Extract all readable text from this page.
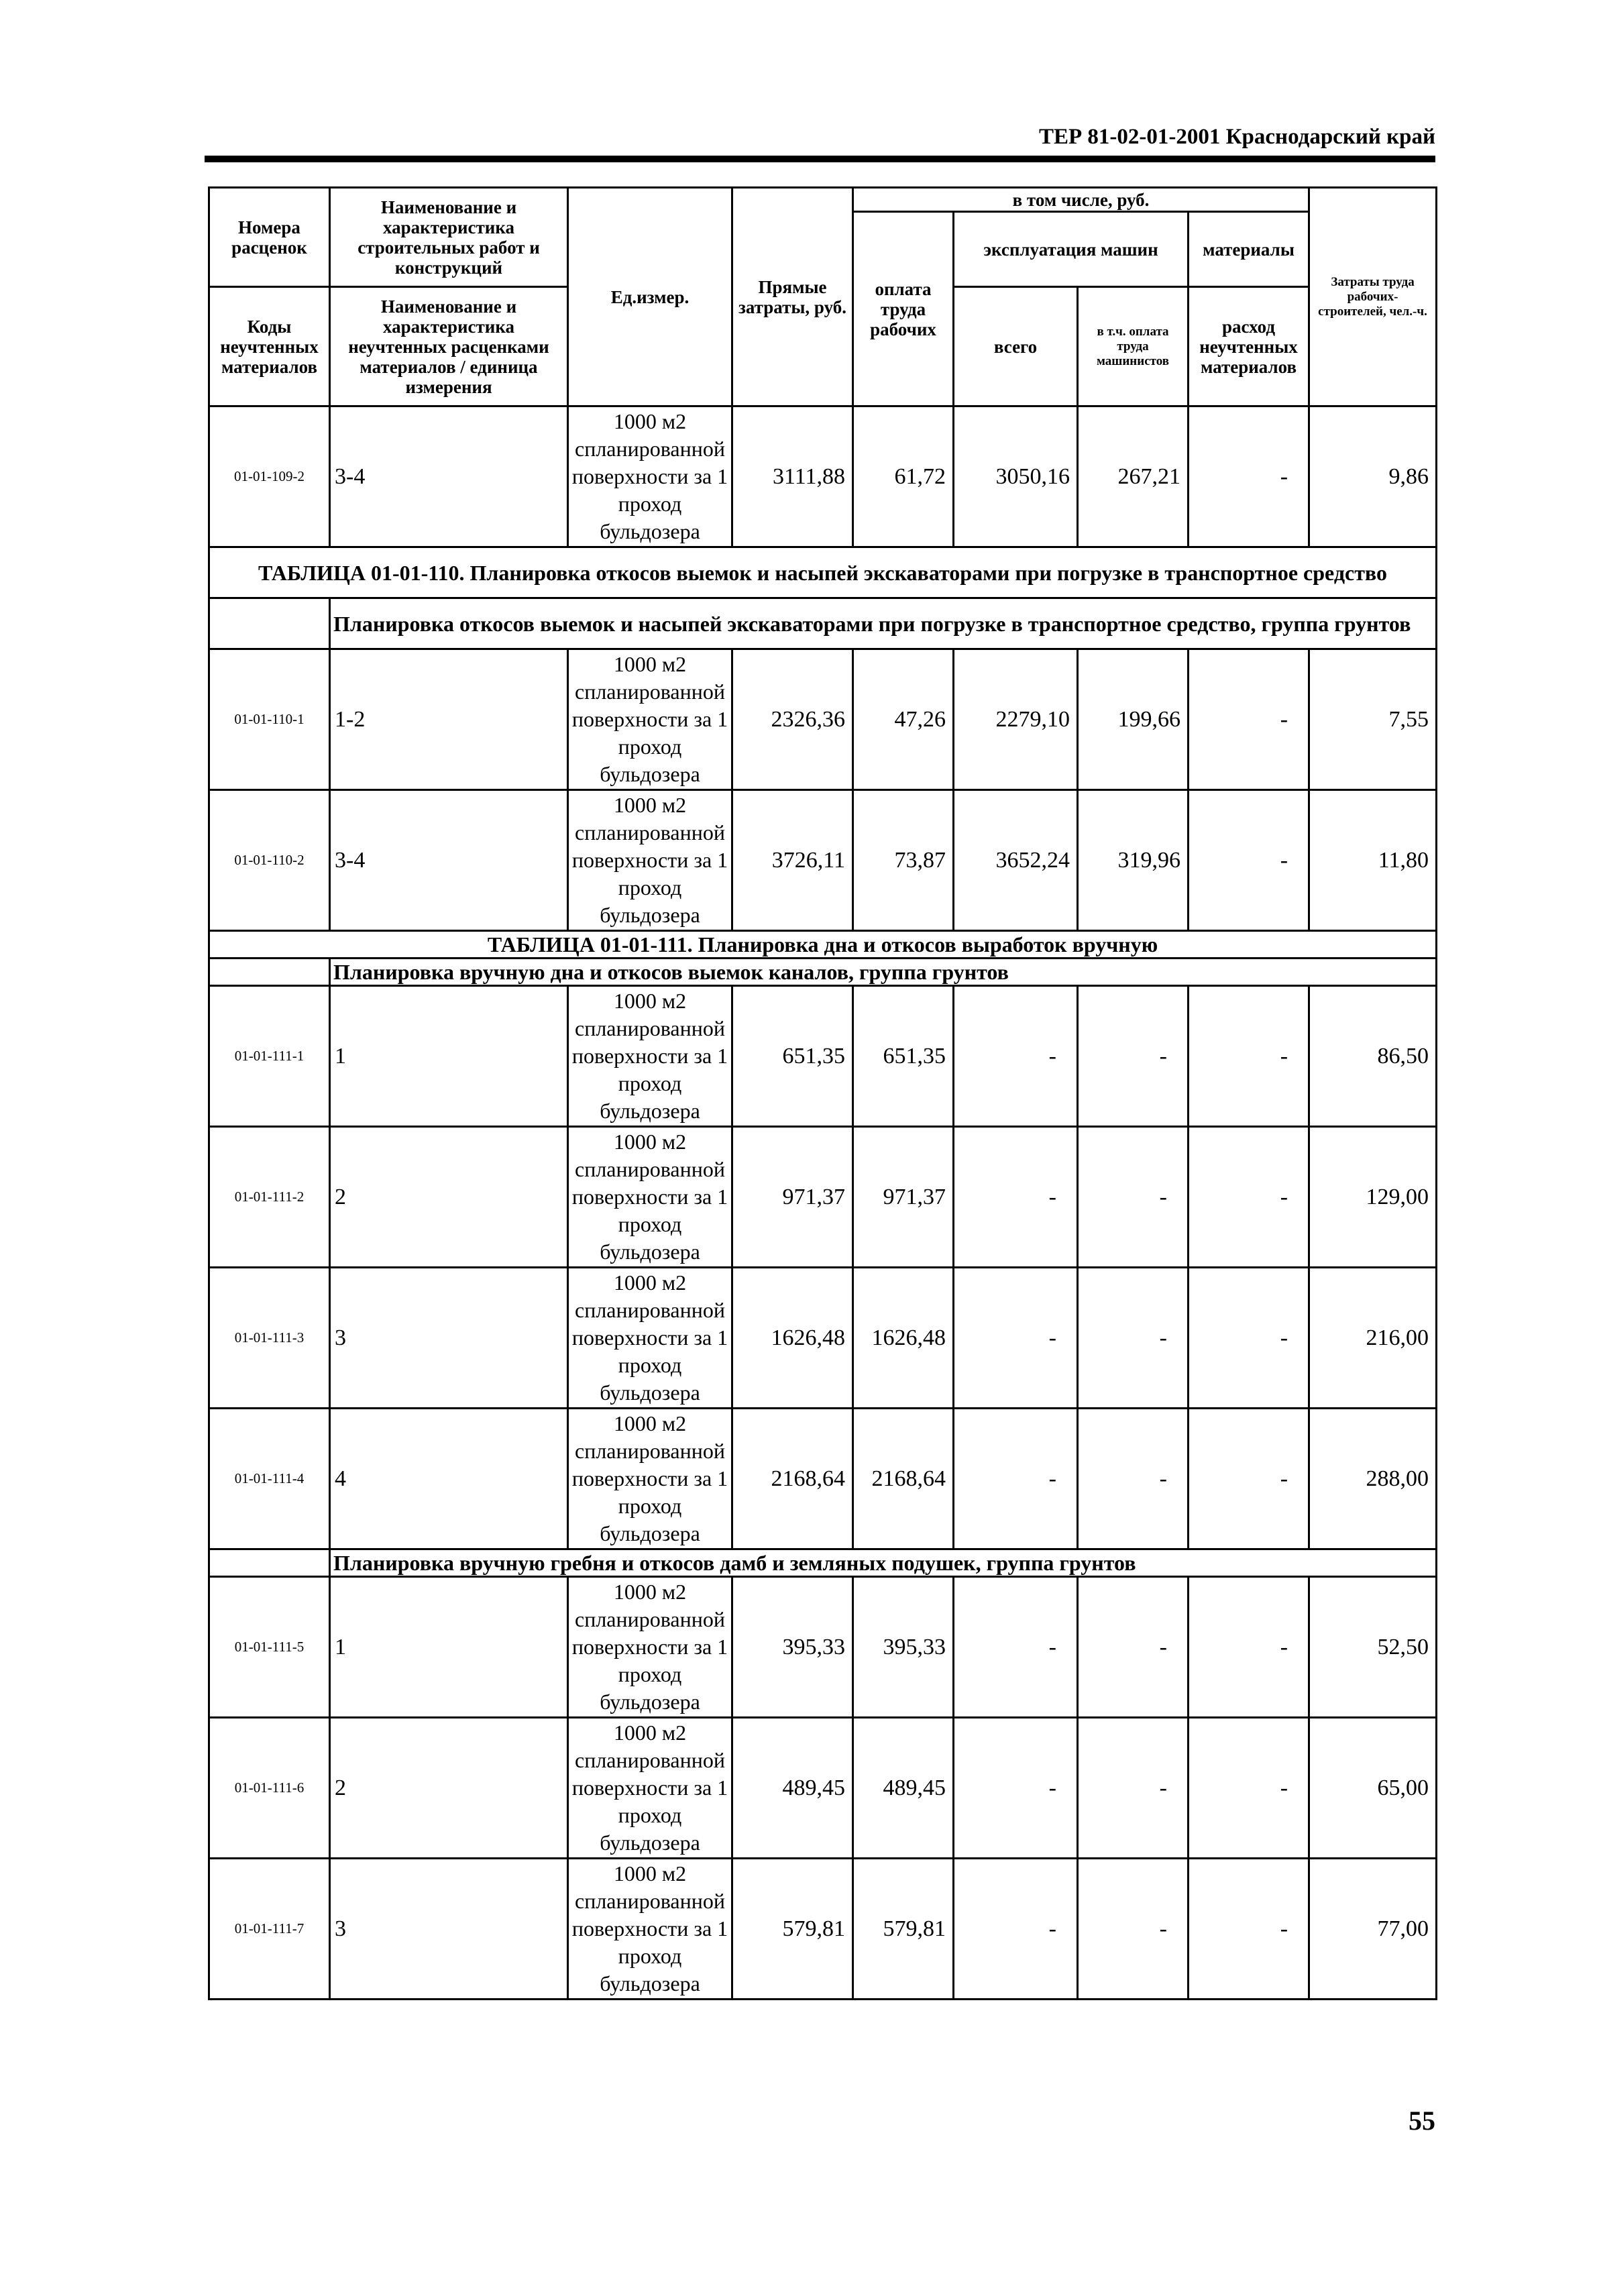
ТЕР 81-02-01-2001 Краснодарский край
Номера расценок	Наименование и характеристика строительных работ и конструкций	Ед.измер.	Прямые затраты, руб.	в том числе, руб.				Затраты труда рабочих-строителей, чел.-ч.
				оплата труда рабочих	эксплуатация машин		материалы	
Коды неучтенных материалов	Наименование и характеристика неучтенных расценками материалов / единица измерения				всего	в т.ч. оплата труда машинистов	расход неучтенных материалов	

01-01-109-2	3-4	1000 м2 спланированной поверхности за 1 проход бульдозера	3111,88	61,72	3050,16	267,21	-	9,86
ТАБЛИЦА 01-01-110. Планировка откосов выемок и насыпей экскаваторами при погрузке в транспортное средство								
	Планировка откосов выемок и насыпей экскаваторами при погрузке в транспортное средство, группа грунтов							
01-01-110-1	1-2	1000 м2 спланированной поверхности за 1 проход бульдозера	2326,36	47,26	2279,10	199,66	-	7,55
01-01-110-2	3-4	1000 м2 спланированной поверхности за 1 проход бульдозера	3726,11	73,87	3652,24	319,96	-	11,80
ТАБЛИЦА 01-01-111. Планировка дна и откосов выработок вручную								
	Планировка вручную дна и откосов выемок каналов, группа грунтов							
01-01-111-1	1	1000 м2 спланированной поверхности за 1 проход бульдозера	651,35	651,35	-	-	-	86,50
01-01-111-2	2	1000 м2 спланированной поверхности за 1 проход бульдозера	971,37	971,37	-	-	-	129,00
01-01-111-3	3	1000 м2 спланированной поверхности за 1 проход бульдозера	1626,48	1626,48	-	-	-	216,00
01-01-111-4	4	1000 м2 спланированной поверхности за 1 проход бульдозера	2168,64	2168,64	-	-	-	288,00
	Планировка вручную гребня и откосов дамб и земляных подушек, группа грунтов							
01-01-111-5	1	1000 м2 спланированной поверхности за 1 проход бульдозера	395,33	395,33	-	-	-	52,50
01-01-111-6	2	1000 м2 спланированной поверхности за 1 проход бульдозера	489,45	489,45	-	-	-	65,00
01-01-111-7	3	1000 м2 спланированной поверхности за 1 проход бульдозера	579,81	579,81	-	-	-	77,00
55
